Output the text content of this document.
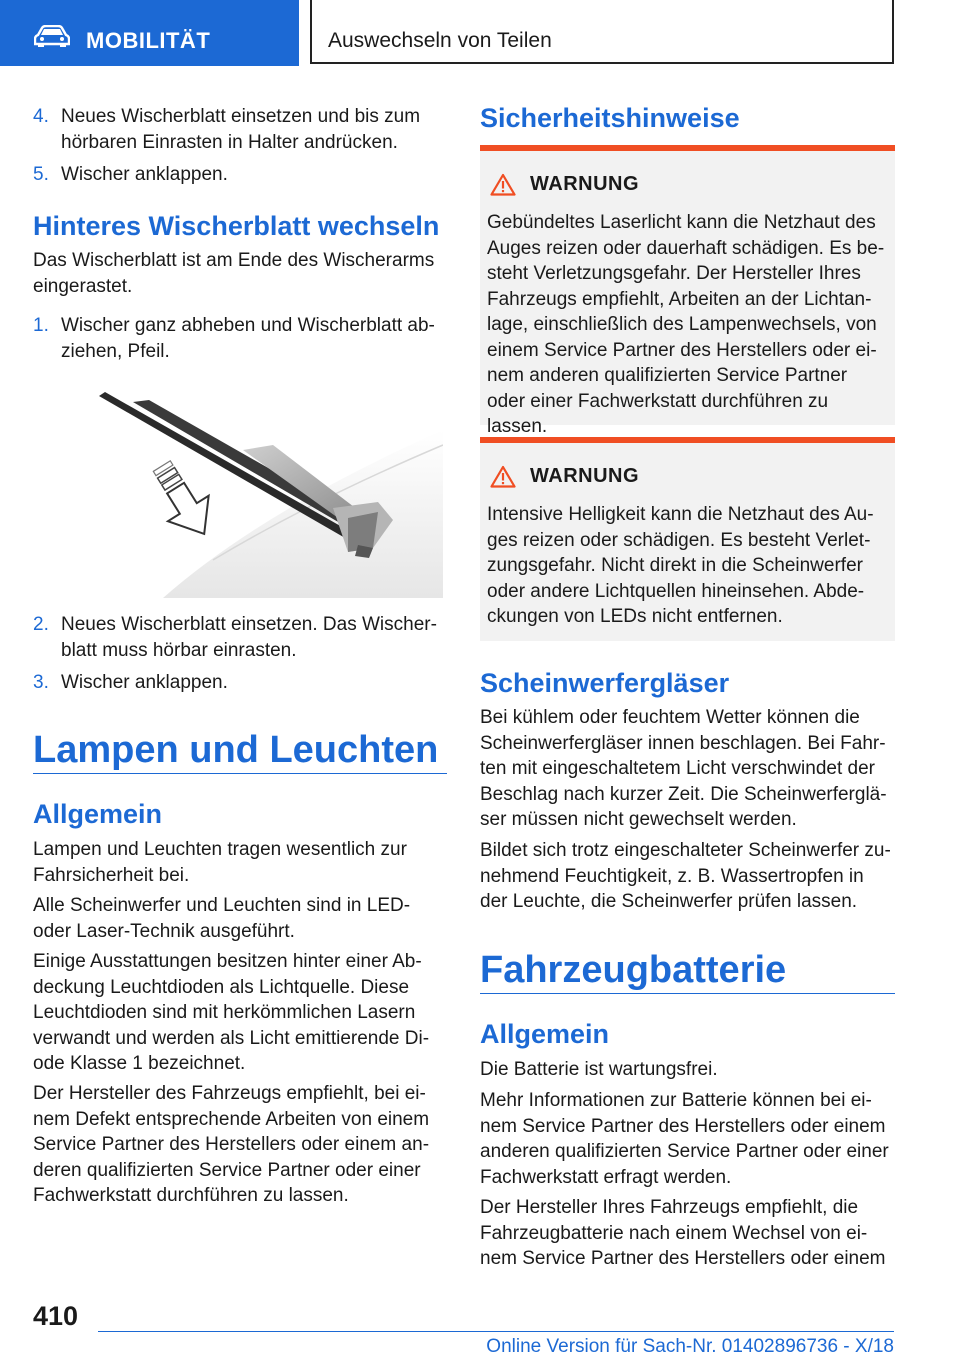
MOBILITÄT	Auswechseln von Teilen
4. Neues Wischerblatt einsetzen und bis zum hörbaren Einrasten in Halter andrücken.
5. Wischer anklappen.
Hinteres Wischerblatt wechseln

Das Wischerblatt ist am Ende des Wischerarms eingerastet.

1. Wischer ganz abheben und Wischerblatt abziehen, Pfeil.
2. Neues Wischerblatt einsetzen. Das Wischerblatt muss hörbar einrasten.
3. Wischer anklappen.
Lampen und Leuchten
Allgemein

Lampen und Leuchten tragen wesentlich zur Fahrsicherheit bei.

Alle Scheinwerfer und Leuchten sind in LED- oder Laser-Technik ausgeführt.

Einige Ausstattungen besitzen hinter einer Abdeckung Leuchtdioden als Lichtquelle. Diese Leuchtdioden sind mit herkömmlichen Lasern verwandt und werden als Licht emittierende Diode Klasse 1 bezeichnet.

Der Hersteller des Fahrzeugs empfiehlt, bei einem Defekt entsprechende Arbeiten von einem Service Partner des Herstellers oder einem anderen qualifizierten Service Partner oder einer Fachwerkstatt durchführen zu lassen.

Sicherheitshinweise
WARNUNG
Gebündeltes Laserlicht kann die Netzhaut des Auges reizen oder dauerhaft schädigen. Es besteht Verletzungsgefahr. Der Hersteller Ihres Fahrzeugs empfiehlt, Arbeiten an der Lichtanlage, einschließlich des Lampenwechsels, von einem Service Partner des Herstellers oder einem anderen qualifizierten Service Partner oder einer Fachwerkstatt durchführen zu lassen.
WARNUNG
Intensive Helligkeit kann die Netzhaut des Auges reizen oder schädigen. Es besteht Verletzungsgefahr. Nicht direkt in die Scheinwerfer oder andere Lichtquellen hineinsehen. Abdeckungen von LEDs nicht entfernen.
Scheinwerfergläser

Bei kühlem oder feuchtem Wetter können die Scheinwerfergläser innen beschlagen. Bei Fahrten mit eingeschaltetem Licht verschwindet der Beschlag nach kurzer Zeit. Die Scheinwerfergläser müssen nicht gewechselt werden.

Bildet sich trotz eingeschalteter Scheinwerfer zunehmend Feuchtigkeit, z. B. Wassertropfen in der Leuchte, die Scheinwerfer prüfen lassen.

Fahrzeugbatterie
Allgemein

Die Batterie ist wartungsfrei.

Mehr Informationen zur Batterie können bei einem Service Partner des Herstellers oder einem anderen qualifizierten Service Partner oder einer Fachwerkstatt erfragt werden.

Der Hersteller Ihres Fahrzeugs empfiehlt, die Fahrzeugbatterie nach einem Wechsel von einem Service Partner des Herstellers oder einem

410
Online Version für Sach-Nr. 01402896736 - X/18
